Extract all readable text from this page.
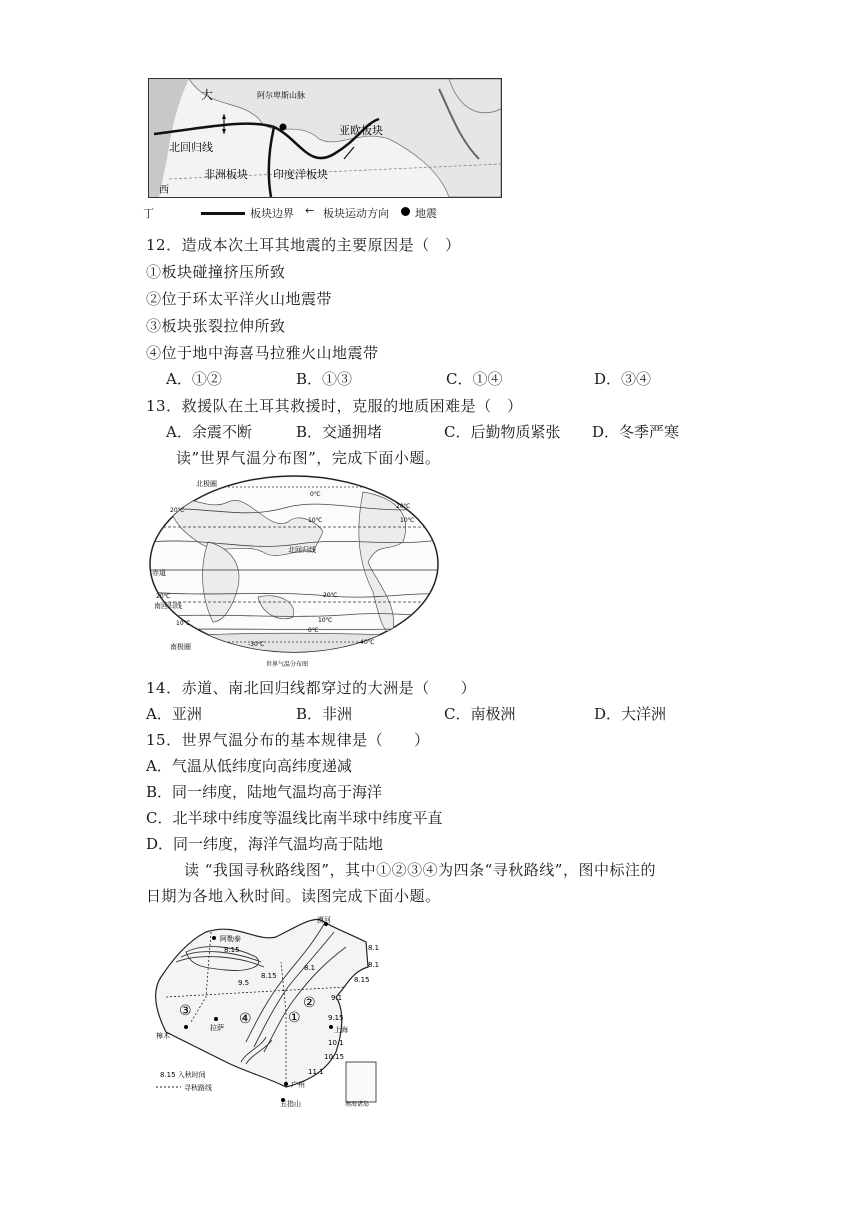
大	阿尔卑斯山脉
亚欧板块
北回归线
非洲板块 印度洋板块
西
丁	板块边界 ← 板块运动方向 地震
12．造成本次土耳其地震的主要原因是（　）
①板块碰撞挤压所致
②位于环太平洋火山地震带
③板块张裂拉伸所致
④位于地中海喜马拉雅火山地震带
A．①②	B．①③	C．①④	D．③④
13．救援队在土耳其救援时，克服的地质困难是（　）
A．余震不断	B．交通拥堵	C．后勤物质紧张 D．冬季严寒
读”世界气温分布图”，完成下面小题。
北极圈
北回归线
赤道
南回归线
南极圈
20℃
10℃
0℃
10℃
20℃
20℃
10℃
20℃
10℃
0℃
-30℃	-40℃
世界气温分布图
14．赤道、南北回归线都穿过的大洲是（　　）
A．亚洲	B．非洲	C．南极洲	D．大洋洲
15．世界气温分布的基本规律是（　　）
A．气温从低纬度向高纬度递减
B．同一纬度，陆地气温均高于海洋
C．北半球中纬度等温线比南半球中纬度平直
D．同一纬度，海洋气温均高于陆地
读 “我国寻秋路线图”，其中①②③④为四条“寻秋路线”，图中标注的
日期为各地入秋时间。读图完成下面小题。
漠河
阿勒泰
8.15	8.1
8.1
8.1
8.15
9.5
9.1
8.15
9.15
10.1
10.15
11.1
①
②
③	④
拉萨	上海
广州
五指山
樟木
南海诸岛
8.15 入秋时间
寻秋路线
